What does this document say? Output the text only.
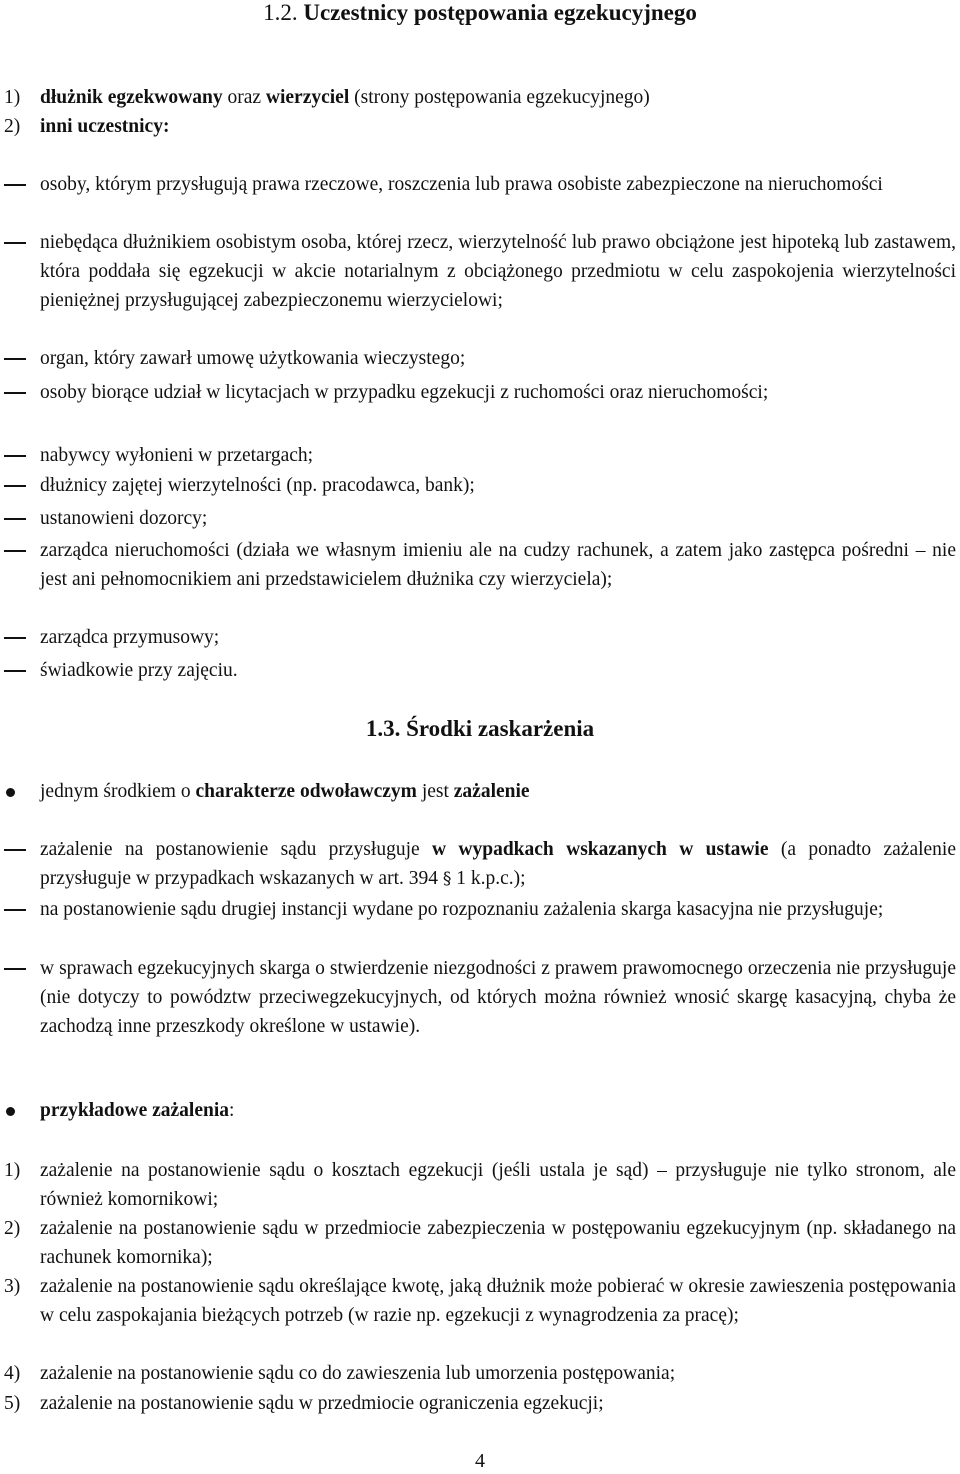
1.2. Uczestnicy postępowania egzekucyjnego
1) dłużnik egzekwowany oraz wierzyciel (strony postępowania egzekucyjnego)
2) inni uczestnicy:
osoby, którym przysługują prawa rzeczowe, roszczenia lub prawa osobiste zabezpieczone na nieruchomości
niebędąca dłużnikiem osobistym osoba, której rzecz, wierzytelność lub prawo obciążone jest hipoteką lub zastawem, która poddała się egzekucji w akcie notarialnym z obciążonego przedmiotu w celu zaspokojenia wierzytelności pieniężnej przysługującej zabezpieczonemu wierzycielowi;
organ, który zawarł umowę użytkowania wieczystego;
osoby biorące udział w licytacjach w przypadku egzekucji z ruchomości oraz nieruchomości;
nabywcy wyłonieni w przetargach;
dłużnicy zajętej wierzytelności (np. pracodawca, bank);
ustanowieni dozorcy;
zarządca nieruchomości (działa we własnym imieniu ale na cudzy rachunek, a zatem jako zastępca pośredni – nie jest ani pełnomocnikiem ani przedstawicielem dłużnika czy wierzyciela);
zarządca przymusowy;
świadkowie przy zajęciu.
1.3. Środki zaskarżenia
jednym środkiem o charakterze odwoławczym jest zażalenie
zażalenie na postanowienie sądu przysługuje w wypadkach wskazanych w ustawie (a ponadto zażalenie przysługuje w przypadkach wskazanych w art. 394 § 1 k.p.c.);
na postanowienie sądu drugiej instancji wydane po rozpoznaniu zażalenia skarga kasacyjna nie przysługuje;
w sprawach egzekucyjnych skarga o stwierdzenie niezgodności z prawem prawomocnego orzeczenia nie przysługuje (nie dotyczy to powództw przeciwegzekucyjnych, od których można również wnosić skargę kasacyjną, chyba że zachodzą inne przeszkody określone w ustawie).
przykładowe zażalenia:
1) zażalenie na postanowienie sądu o kosztach egzekucji (jeśli ustala je sąd) – przysługuje nie tylko stronom, ale również komornikowi;
2) zażalenie na postanowienie sądu w przedmiocie zabezpieczenia w postępowaniu egzekucyjnym (np. składanego na rachunek komornika);
3) zażalenie na postanowienie sądu określające kwotę, jaką dłużnik może pobierać w okresie zawieszenia postępowania w celu zaspokajania bieżących potrzeb (w razie np. egzekucji z wynagrodzenia za pracę);
4) zażalenie na postanowienie sądu co do zawieszenia lub umorzenia postępowania;
5) zażalenie na postanowienie sądu w przedmiocie ograniczenia egzekucji;
4
